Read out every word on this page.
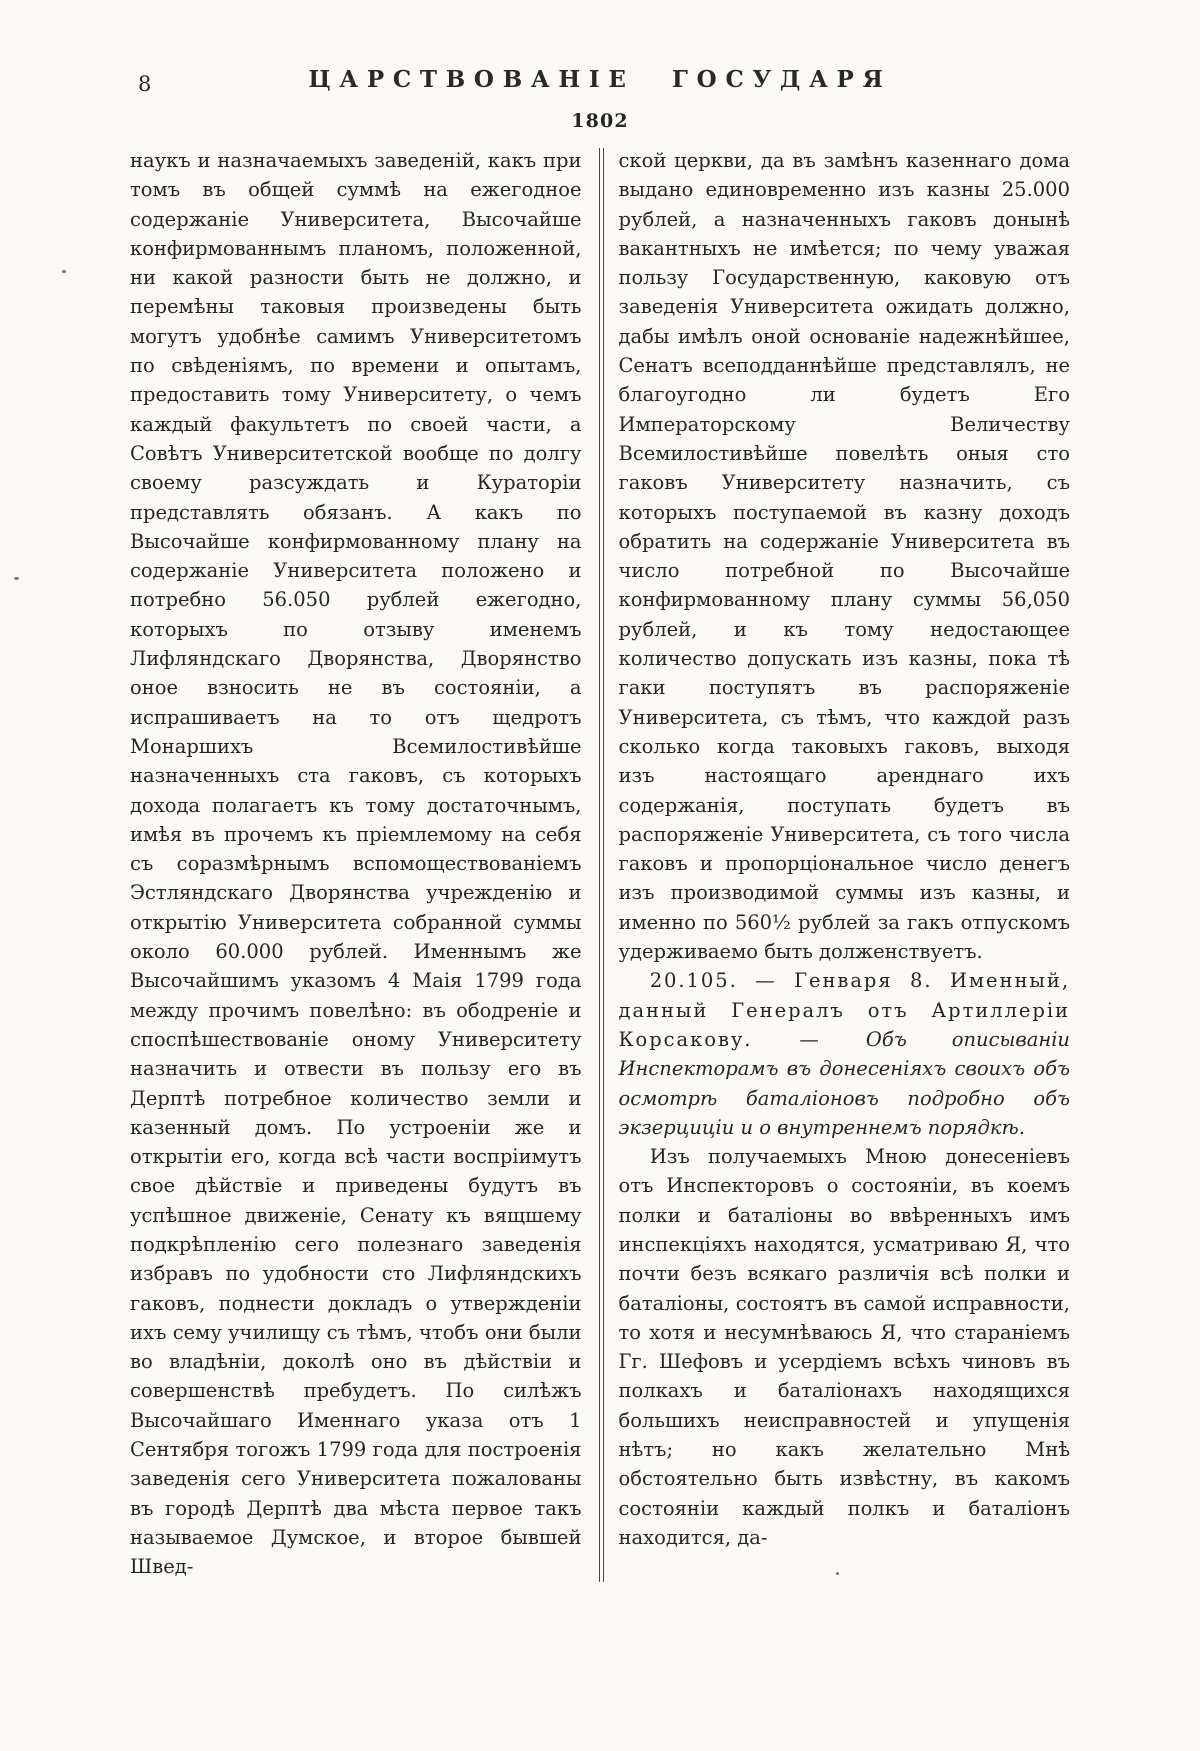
8	ЦАРСТВОВАНІЕ ГОСУДАРЯ
1802

наукъ и назначаемыхъ заведеній, какъ при томъ въ общей суммѣ на ежегодное содержаніе Университета, Высочайше конфирмованнымъ планомъ, положенной, ни какой разности быть не должно, и перемѣны таковыя произведены быть могутъ удобнѣе самимъ Университетомъ по свѣденіямъ, по времени и опытамъ, предоставить тому Университету, о чемъ каждый факультетъ по своей части, а Совѣтъ Университетской вообще по долгу своему разсуждать и Кураторіи представлять обязанъ. А какъ по Высочайше конфирмованному плану на содержаніе Университета положено и потребно 56.050 рублей ежегодно, которыхъ по отзыву именемъ Лифляндскаго Дворянства, Дворянство оное взносить не въ состояніи, а испрашиваетъ на то отъ щедротъ Монаршихъ Всемилостивѣйше назначенныхъ ста гаковъ, съ которыхъ дохода полагаетъ къ тому достаточнымъ, имѣя въ прочемъ къ пріемлемому на себя съ соразмѣрнымъ вспомоществованіемъ Эстляндскаго Дворянства учрежденію и открытію Университета собранной суммы около 60.000 рублей. Именнымъ же Высочайшимъ указомъ 4 Маія 1799 года между прочимъ повелѣно: въ ободреніе и споспѣшествованіе оному Университету назначить и отвести въ пользу его въ Дерптѣ потребное количество земли и казенный домъ. По устроеніи же и открытіи его, когда всѣ части воспріимутъ свое дѣйствіе и приведены будутъ въ успѣшное движеніе, Сенату къ вящшему подкрѣпленію сего полезнаго заведенія избравъ по удобности сто Лифляндскихъ гаковъ, поднести докладъ о утвержденіи ихъ сему училищу съ тѣмъ, чтобъ они были во владѣніи, доколѣ оно въ дѣйствіи и совершенствѣ пребудетъ. По силѣжъ Высочайшаго Именнаго указа отъ 1 Сентября тогожъ 1799 года для построенія заведенія сего Университета пожалованы въ городѣ Дерптѣ два мѣста первое такъ называемое Думское, и второе бывшей Швед-

ской церкви, да въ замѣнъ казеннаго дома выдано единовременно изъ казны 25.000 рублей, а назначенныхъ гаковъ донынѣ вакантныхъ не имѣется; по чему уважая пользу Государственную, каковую отъ заведенія Университета ожидать должно, дабы имѣлъ оной основаніе надежнѣйшее, Сенатъ всеподданнѣйше представлялъ, не благоугодно ли будетъ Его Императорскому Величеству Всемилостивѣйше повелѣть оныя сто гаковъ Университету назначить, съ которыхъ поступаемой въ казну доходъ обратить на содержаніе Университета въ число потребной по Высочайше конфирмованному плану суммы 56,050 рублей, и къ тому недостающее количество допускать изъ казны, пока тѣ гаки поступятъ въ распоряженіе Университета, съ тѣмъ, что каждой разъ сколько когда таковыхъ гаковъ, выходя изъ настоящаго аренднаго ихъ содержанія, поступать будетъ въ распоряженіе Университета, съ того числа гаковъ и пропорціональное число денегъ изъ производимой суммы изъ казны, и именно по 560½ рублей за гакъ отпускомъ удерживаемо быть долженствуетъ.

20.105. — Генваря 8. Именный, данный Генералъ отъ Артиллеріи Корсакову. — Объ описываніи Инспекторамъ въ донесеніяхъ своихъ объ осмотрѣ баталіоновъ подробно объ экзерциціи и о внутреннемъ порядкѣ.

Изъ получаемыхъ Мною донесеніевъ отъ Инспекторовъ о состояніи, въ коемъ полки и баталіоны во ввѣренныхъ имъ инспекціяхъ находятся, усматриваю Я, что почти безъ всякаго различія всѣ полки и баталіоны, состоятъ въ самой исправности, то хотя и несумнѣваюсь Я, что стараніемъ Гг. Шефовъ и усердіемъ всѣхъ чиновъ въ полкахъ и баталіонахъ находящихся большихъ неисправностей и упущенія нѣтъ; но какъ желательно Мнѣ обстоятельно быть извѣстну, въ какомъ состояніи каждый полкъ и баталіонъ находится, да-
